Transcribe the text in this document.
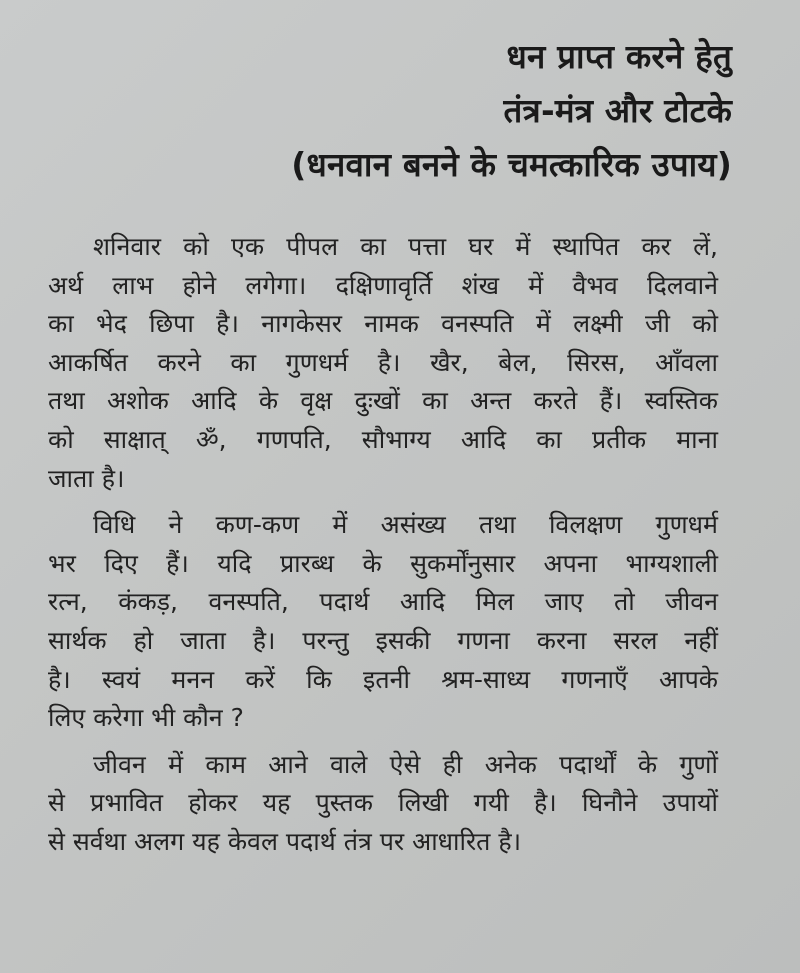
धन प्राप्त करने हेतु
तंत्र-मंत्र और टोटके
(धनवान बनने के चमत्कारिक उपाय)
शनिवार को एक पीपल का पत्ता घर में स्थापित कर लें,
अर्थ लाभ होने लगेगा। दक्षिणावृर्ति शंख में वैभव दिलवाने
का भेद छिपा है। नागकेसर नामक वनस्पति में लक्ष्मी जी को
आकर्षित करने का गुणधर्म है। खैर, बेल, सिरस, आँवला
तथा अशोक आदि के वृक्ष दुःखों का अन्त करते हैं। स्वस्तिक
को साक्षात् ॐ, गणपति, सौभाग्य आदि का प्रतीक माना
जाता है।
विधि ने कण-कण में असंख्य तथा विलक्षण गुणधर्म
भर दिए हैं। यदि प्रारब्ध के सुकर्मोंनुसार अपना भाग्यशाली
रत्न, कंकड़, वनस्पति, पदार्थ आदि मिल जाए तो जीवन
सार्थक हो जाता है। परन्तु इसकी गणना करना सरल नहीं
है। स्वयं मनन करें कि इतनी श्रम-साध्य गणनाएँ आपके
लिए करेगा भी कौन ?
जीवन में काम आने वाले ऐसे ही अनेक पदार्थों के गुणों
से प्रभावित होकर यह पुस्तक लिखी गयी है। घिनौने उपायों
से सर्वथा अलग यह केवल पदार्थ तंत्र पर आधारित है।
